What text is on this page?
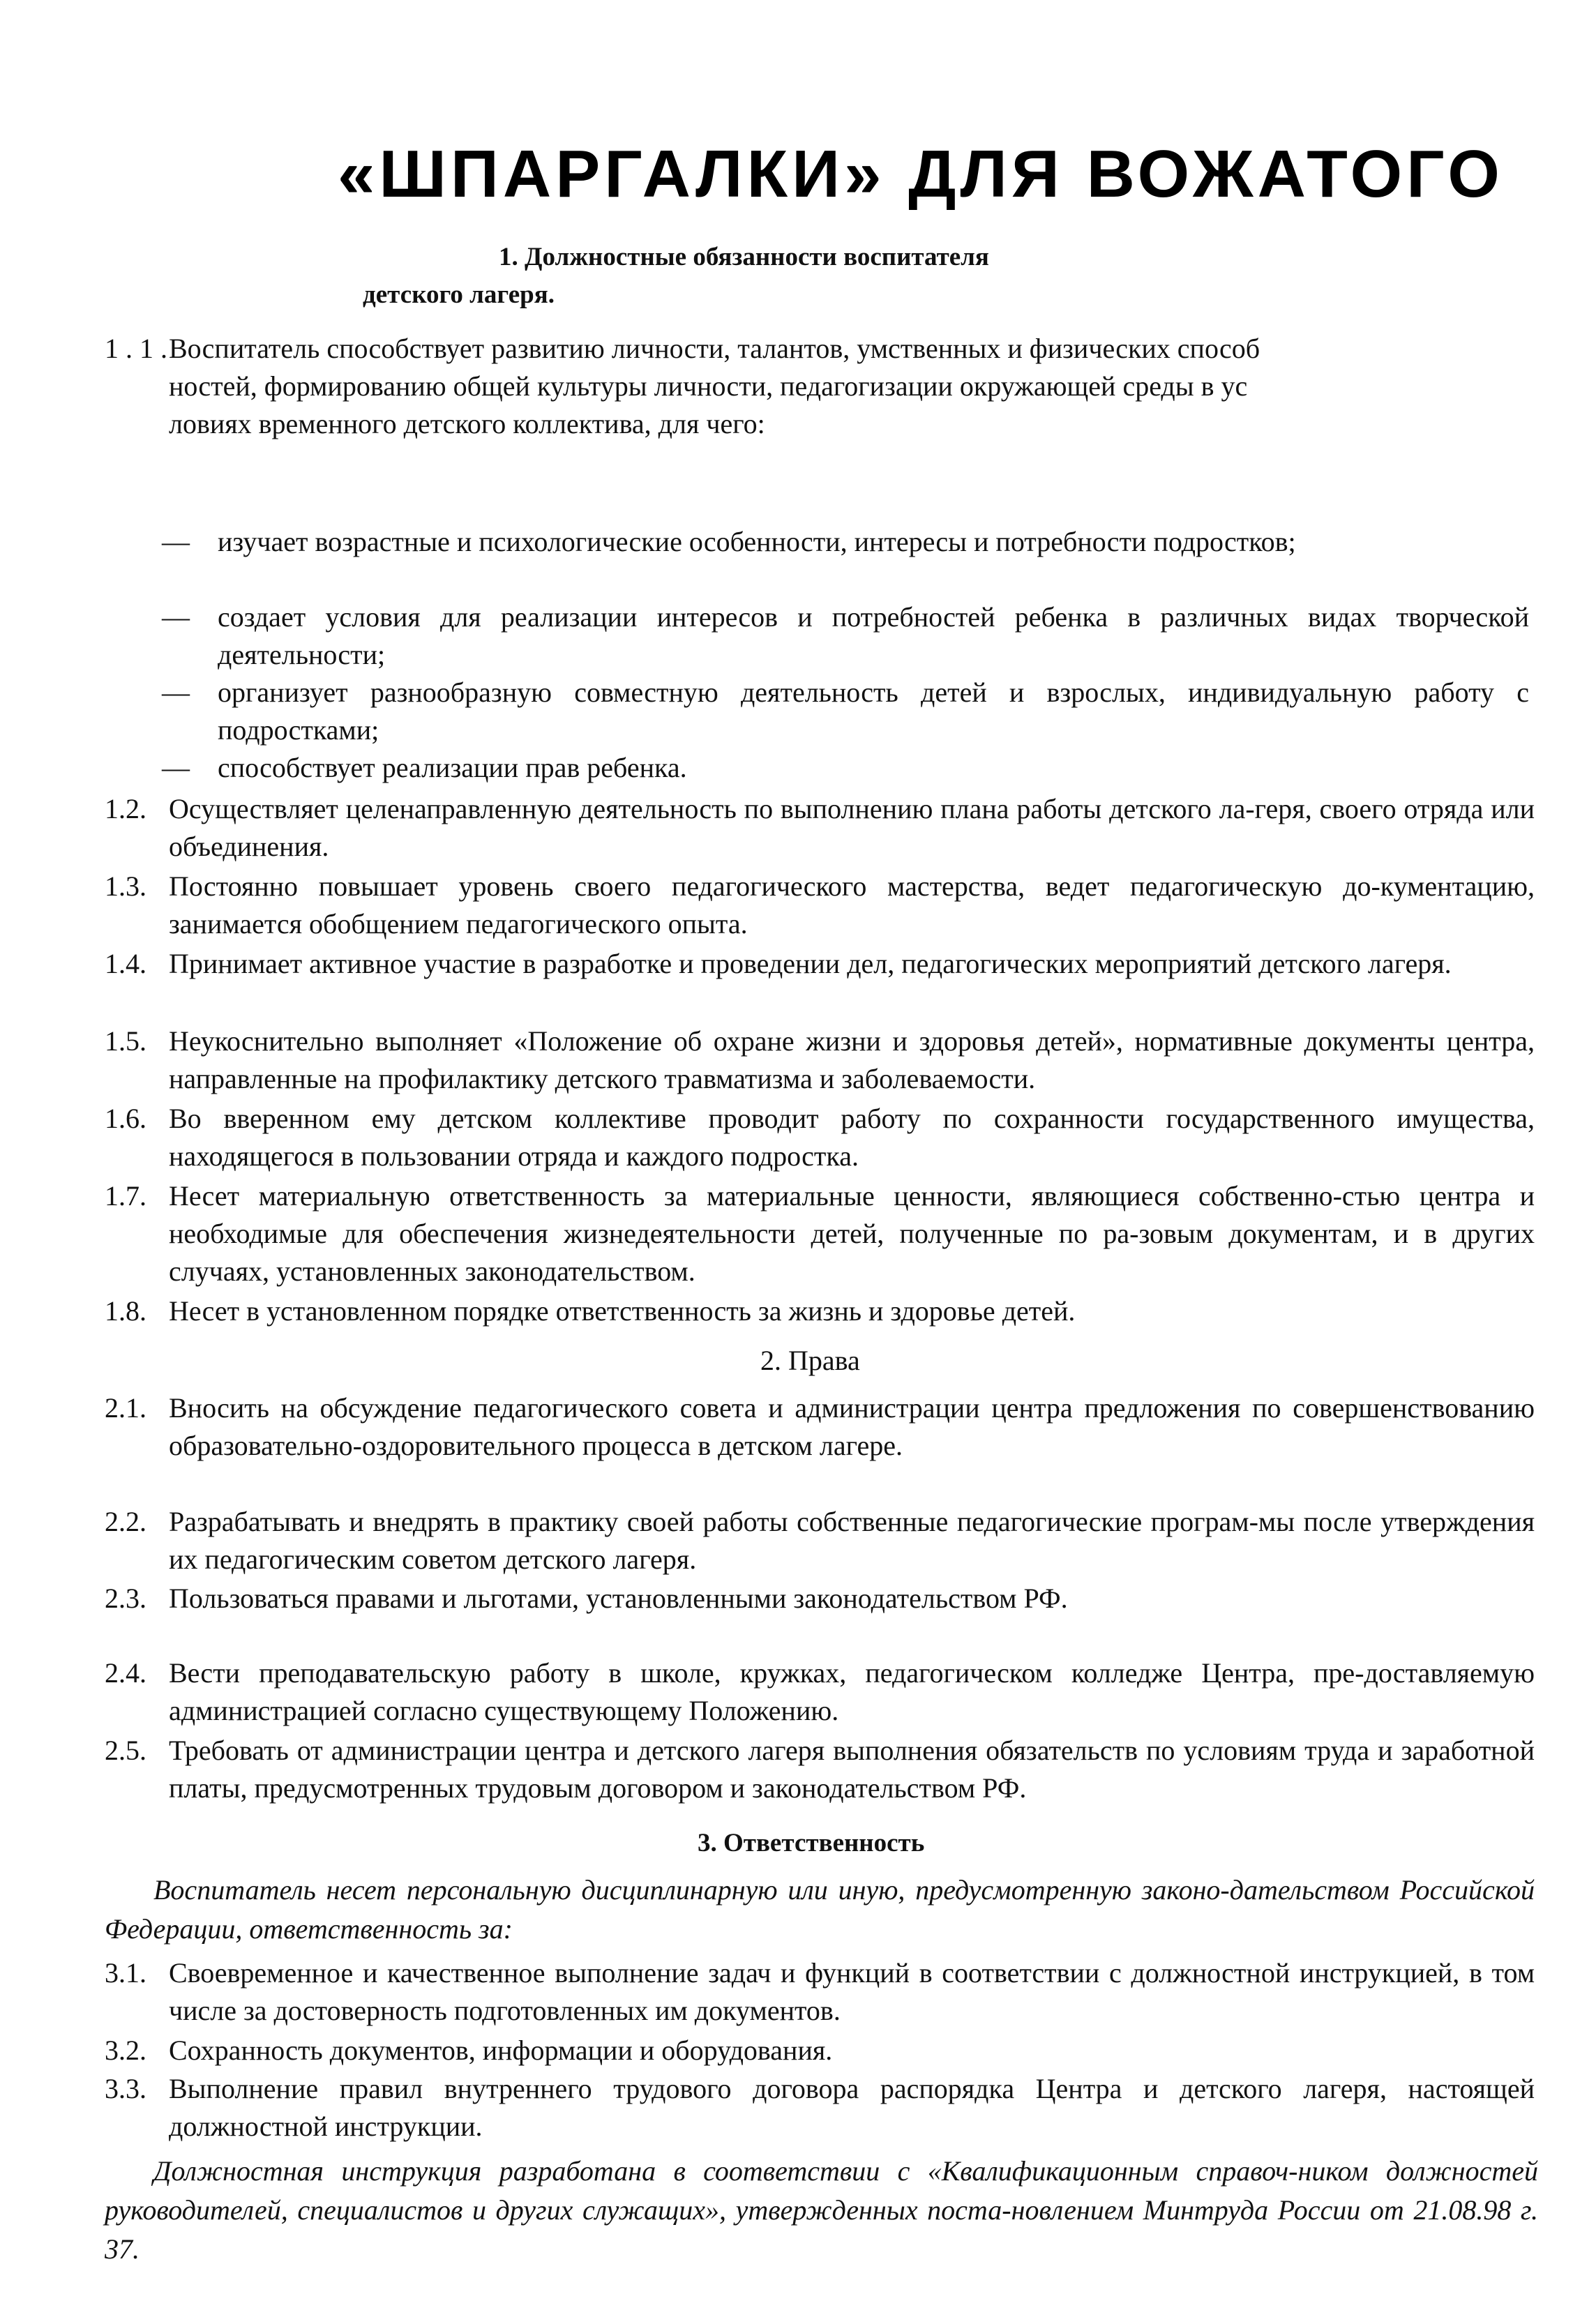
«ШПАРГАЛКИ» ДЛЯ ВОЖАТОГО
1. Должностные обязанности воспитателя
детского лагеря.
1 . 1 . Воспитатель способствует развитию личности, талантов, умственных и физических способ
ностей, формированию общей культуры личности, педагогизации окружающей среды в ус
ловиях временного детского коллектива, для чего:
— изучает возрастные и психологические особенности, интересы и потребности подростков;
— создает условия для реализации интересов и потребностей ребенка в различных видах творческой деятельности;
— организует разнообразную совместную деятельность детей и взрослых, индивидуальную работу с подростками;
— способствует реализации прав ребенка.
1.2. Осуществляет целенаправленную деятельность по выполнению плана работы детского ла-геря, своего отряда или объединения.
1.3. Постоянно повышает уровень своего педагогического мастерства, ведет педагогическую до-кументацию, занимается обобщением педагогического опыта.
1.4. Принимает активное участие в разработке и проведении дел, педагогических мероприятий детского лагеря.
1.5. Неукоснительно выполняет «Положение об охране жизни и здоровья детей», нормативные документы центра, направленные на профилактику детского травматизма и заболеваемости.
1.6. Во вверенном ему детском коллективе проводит работу по сохранности государственного имущества, находящегося в пользовании отряда и каждого подростка.
1.7. Несет материальную ответственность за материальные ценности, являющиеся собственно-стью центра и необходимые для обеспечения жизнедеятельности детей, полученные по ра-зовым документам, и в других случаях, установленных законодательством.
1.8. Несет в установленном порядке ответственность за жизнь и здоровье детей.
2. Права
2.1. Вносить на обсуждение педагогического совета и администрации центра предложения по совершенствованию образовательно-оздоровительного процесса в детском лагере.
2.2. Разрабатывать и внедрять в практику своей работы собственные педагогические програм-мы после утверждения их педагогическим советом детского лагеря.
2.3. Пользоваться правами и льготами, установленными законодательством РФ.
2.4. Вести преподавательскую работу в школе, кружках, педагогическом колледже Центра, пре-доставляемую администрацией согласно существующему Положению.
2.5. Требовать от администрации центра и детского лагеря выполнения обязательств по условиям труда и заработной платы, предусмотренных трудовым договором и законодательством РФ.
3. Ответственность
Воспитатель несет персональную дисциплинарную или иную, предусмотренную законо-дательством Российской Федерации, ответственность за:
3.1. Своевременное и качественное выполнение задач и функций в соответствии с должностной инструкцией, в том числе за достоверность подготовленных им документов.
3.2. Сохранность документов, информации и оборудования.
3.3. Выполнение правил внутреннего трудового договора распорядка Центра и детского лагеря, настоящей должностной инструкции.
Должностная инструкция разработана в соответствии с «Квалификационным справоч-ником должностей руководителей, специалистов и других служащих», утвержденных поста-новлением Минтруда России от 21.08.98 г. 37.
